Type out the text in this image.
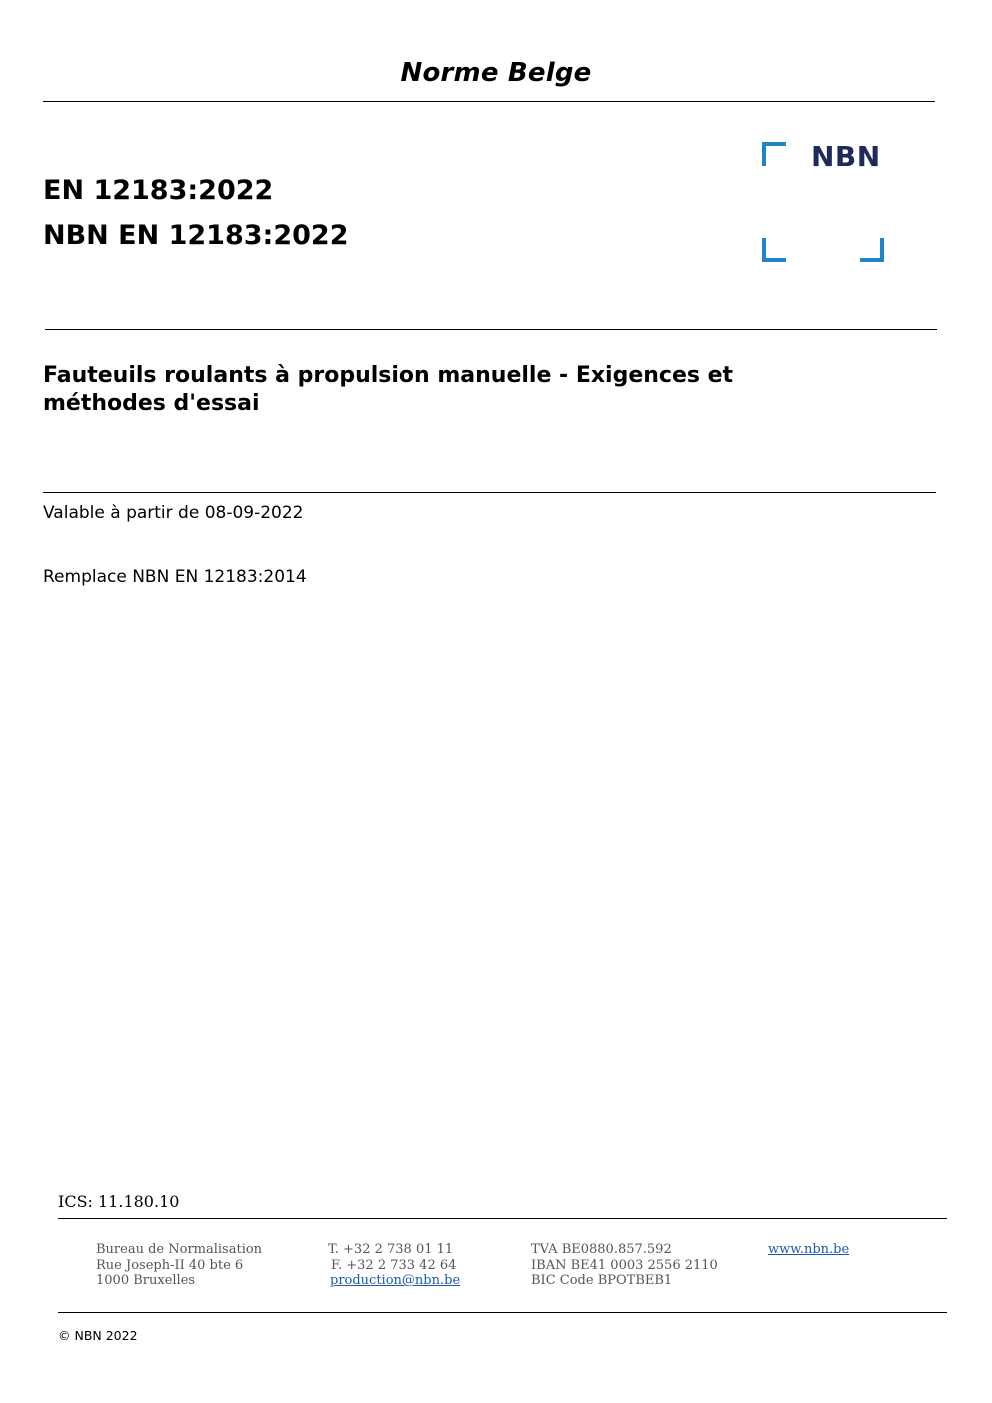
Norme Belge
EN 12183:2022
NBN EN 12183:2022
NBN
Fauteuils roulants à propulsion manuelle - Exigences et méthodes d'essai
Valable à partir de 08-09-2022
Remplace NBN EN 12183:2014
ICS: 11.180.10
Bureau de Normalisation
Rue Joseph-II 40 bte 6
1000 Bruxelles
T. +32 2 738 01 11
F. +32 2 733 42 64
production@nbn.be
TVA BE0880.857.592
IBAN BE41 0003 2556 2110
BIC Code BPOTBEB1
www.nbn.be
© NBN 2022
